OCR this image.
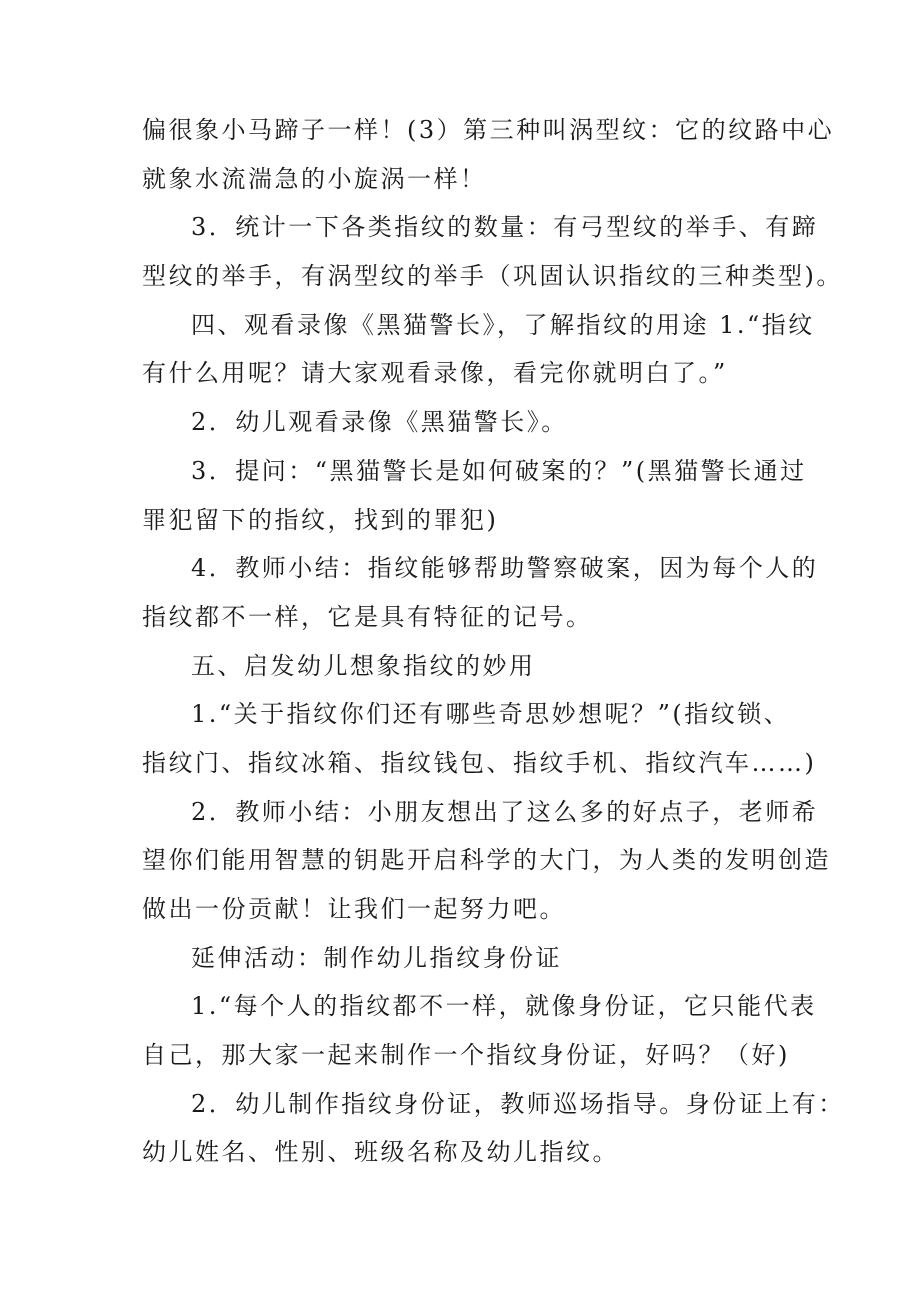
偏很象小马蹄子一样！(3）第三种叫涡型纹：它的纹路中心
就象水流湍急的小旋涡一样！
3．统计一下各类指纹的数量：有弓型纹的举手、有蹄
型纹的举手，有涡型纹的举手（巩固认识指纹的三种类型)。
四、观看录像《黑猫警长》，了解指纹的用途 1.“指纹
有什么用呢？请大家观看录像，看完你就明白了。”
2．幼儿观看录像《黑猫警长》。
3．提问：“黑猫警长是如何破案的？”(黑猫警长通过
罪犯留下的指纹，找到的罪犯)
4．教师小结：指纹能够帮助警察破案，因为每个人的
指纹都不一样，它是具有特征的记号。
五、启发幼儿想象指纹的妙用
1.“关于指纹你们还有哪些奇思妙想呢？”(指纹锁、
指纹门、指纹冰箱、指纹钱包、指纹手机、指纹汽车……)
2．教师小结：小朋友想出了这么多的好点子，老师希
望你们能用智慧的钥匙开启科学的大门，为人类的发明创造
做出一份贡献！让我们一起努力吧。
延伸活动：制作幼儿指纹身份证
1.“每个人的指纹都不一样，就像身份证，它只能代表
自己，那大家一起来制作一个指纹身份证，好吗？（好)
2．幼儿制作指纹身份证，教师巡场指导。身份证上有：
幼儿姓名、性别、班级名称及幼儿指纹。
